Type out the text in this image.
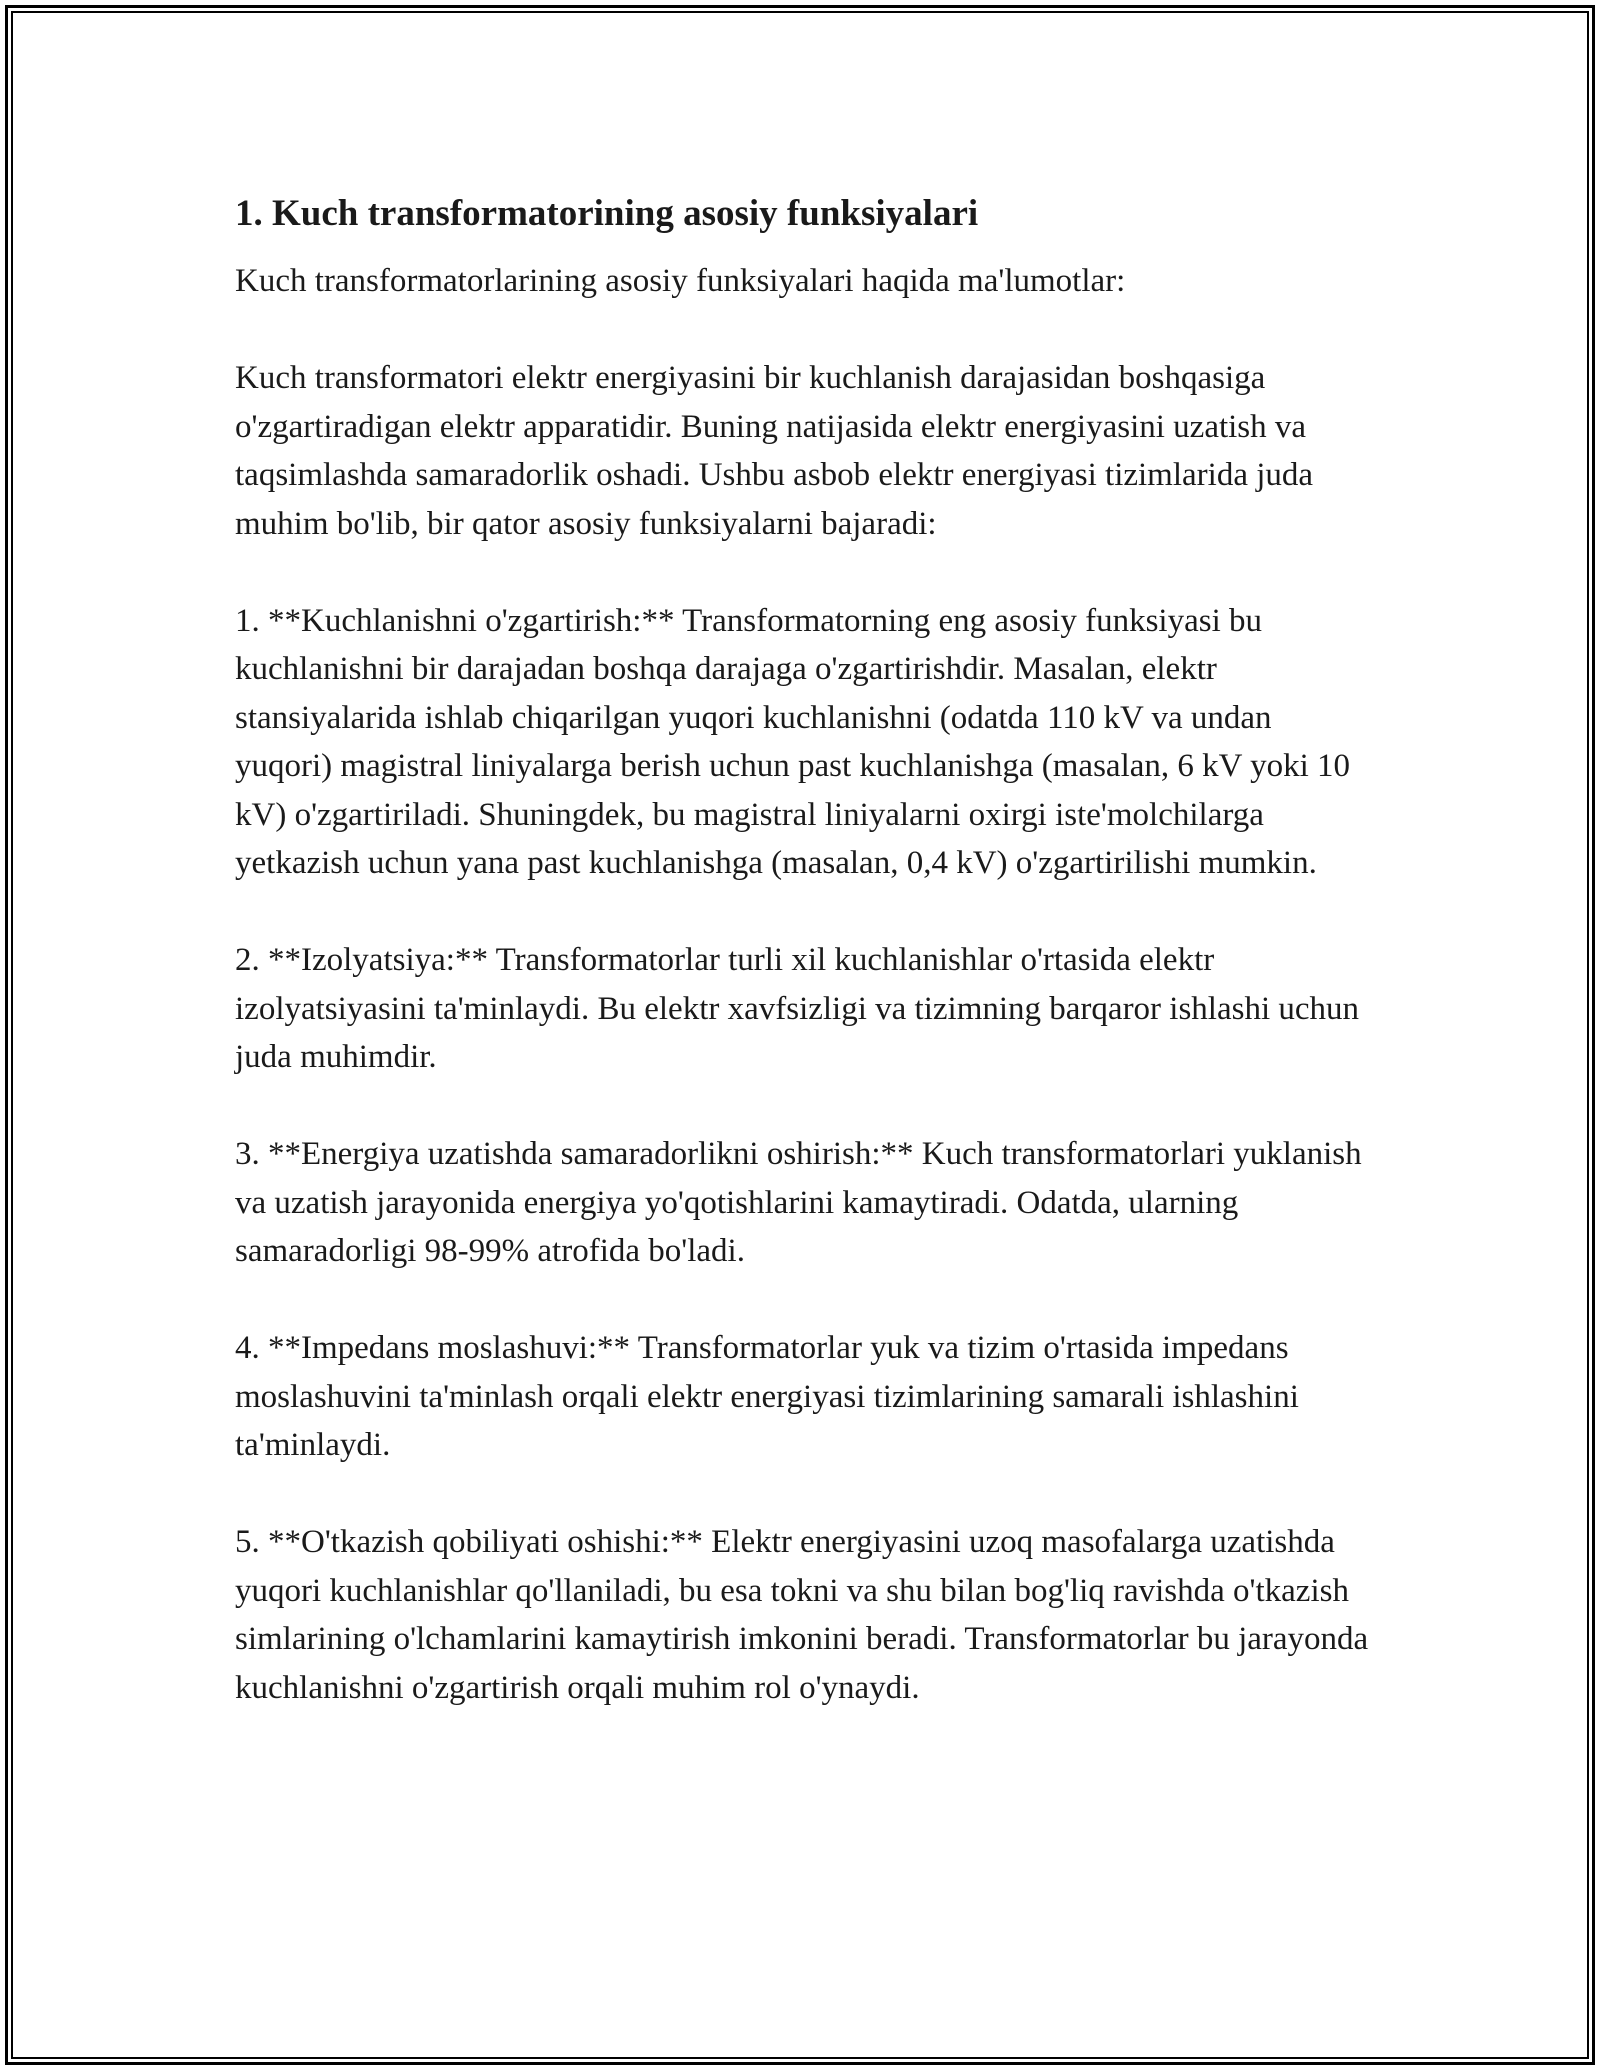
1. Kuch transformatorining asosiy funksiyalari

Kuch transformatorlarining asosiy funksiyalari haqida ma'lumotlar:

Kuch transformatori elektr energiyasini bir kuchlanish darajasidan boshqasiga o'zgartiradigan elektr apparatidir. Buning natijasida elektr energiyasini uzatish va taqsimlashda samaradorlik oshadi. Ushbu asbob elektr energiyasi tizimlarida juda muhim bo'lib, bir qator asosiy funksiyalarni bajaradi:

1. **Kuchlanishni o'zgartirish:** Transformatorning eng asosiy funksiyasi bu kuchlanishni bir darajadan boshqa darajaga o'zgartirishdir. Masalan, elektr stansiyalarida ishlab chiqarilgan yuqori kuchlanishni (odatda 110 kV va undan yuqori) magistral liniyalarga berish uchun past kuchlanishga (masalan, 6 kV yoki 10 kV) o'zgartiriladi. Shuningdek, bu magistral liniyalarni oxirgi iste'molchilarga yetkazish uchun yana past kuchlanishga (masalan, 0,4 kV) o'zgartirilishi mumkin.

2. **Izolyatsiya:** Transformatorlar turli xil kuchlanishlar o'rtasida elektr izolyatsiyasini ta'minlaydi. Bu elektr xavfsizligi va tizimning barqaror ishlashi uchun juda muhimdir.

3. **Energiya uzatishda samaradorlikni oshirish:** Kuch transformatorlari yuklanish va uzatish jarayonida energiya yo'qotishlarini kamaytiradi. Odatda, ularning samaradorligi 98-99% atrofida bo'ladi.

4. **Impedans moslashuvi:** Transformatorlar yuk va tizim o'rtasida impedans moslashuvini ta'minlash orqali elektr energiyasi tizimlarining samarali ishlashini ta'minlaydi.

5. **O'tkazish qobiliyati oshishi:** Elektr energiyasini uzoq masofalarga uzatishda yuqori kuchlanishlar qo'llaniladi, bu esa tokni va shu bilan bog'liq ravishda o'tkazish simlarining o'lchamlarini kamaytirish imkonini beradi. Transformatorlar bu jarayonda kuchlanishni o'zgartirish orqali muhim rol o'ynaydi.
